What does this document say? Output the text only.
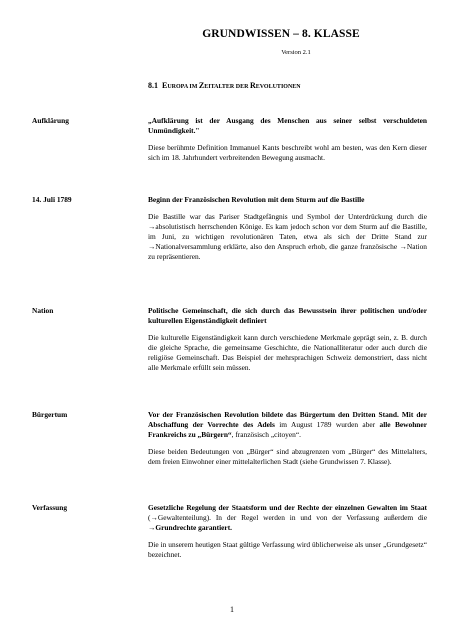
GRUNDWISSEN – 8. KLASSE
Version 2.1
8.1 EUROPA IM ZEITALTER DER REVOLUTIONEN
Aufklärung	„Aufklärung ist der Ausgang des Menschen aus seiner selbst verschuldeten Unmündigkeit."

Diese berühmte Definition Immanuel Kants beschreibt wohl am besten, was den Kern dieser sich im 18. Jahrhundert verbreitenden Bewegung ausmacht.

14. Juli 1789	Beginn der Französischen Revolution mit dem Sturm auf die Bastille

Die Bastille war das Pariser Stadtgefängnis und Symbol der Unterdrückung durch die →absolutistisch herrschenden Könige. Es kam jedoch schon vor dem Sturm auf die Bastille, im Juni, zu wichtigen revolutionären Taten, etwa als sich der Dritte Stand zur →Nationalversammlung erklärte, also den Anspruch erhob, die ganze französische →Nation zu repräsentieren.

Nation	Politische Gemeinschaft, die sich durch das Bewusstsein ihrer politischen und/oder kulturellen Eigenständigkeit definiert

Die kulturelle Eigenständigkeit kann durch verschiedene Merkmale geprägt sein, z. B. durch die gleiche Sprache, die gemeinsame Geschichte, die Nationalliteratur oder auch durch die religiöse Gemeinschaft. Das Beispiel der mehrsprachigen Schweiz demonstriert, dass nicht alle Merkmale erfüllt sein müssen.

Bürgertum	Vor der Französischen Revolution bildete das Bürgertum den Dritten Stand. Mit der Abschaffung der Vorrechte des Adels im August 1789 wurden aber alle Bewohner Frankreichs zu „Bürgern“, französisch „citoyen“.

Diese beiden Bedeutungen von „Bürger“ sind abzugrenzen vom „Bürger“ des Mittelalters, dem freien Einwohner einer mittelalterlichen Stadt (siehe Grundwissen 7. Klasse).

Verfassung	Gesetzliche Regelung der Staatsform und der Rechte der einzelnen Gewalten im Staat (→Gewaltenteilung). In der Regel werden in und von der Verfassung außerdem die →Grundrechte garantiert.

Die in unserem heutigen Staat gültige Verfassung wird üblicherweise als unser „Grundgesetz“ bezeichnet.

1
